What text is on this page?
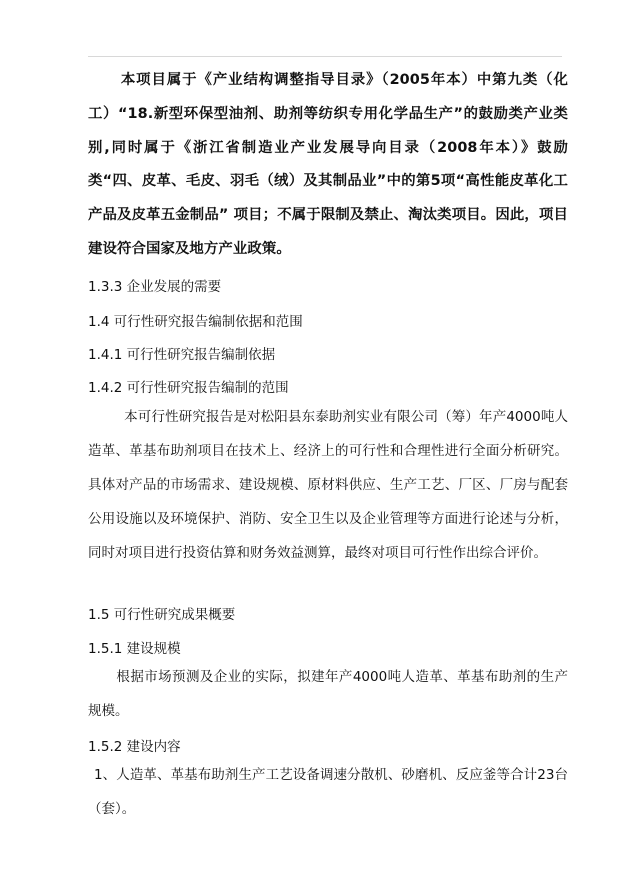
本项目属于《产业结构调整指导目录》（2005年本）中第九类（化工）“18.新型环保型油剂、助剂等纺织专用化学品生产”的鼓励类产业类别,同时属于《浙江省制造业产业发展导向目录（2008年本）》鼓励类“四、皮革、毛皮、羽毛（绒）及其制品业”中的第5项“高性能皮革化工产品及皮革五金制品” 项目；不属于限制及禁止、淘汰类项目。因此，项目建设符合国家及地方产业政策。

1.3.3 企业发展的需要
1.4 可行性研究报告编制依据和范围
1.4.1 可行性研究报告编制依据
1.4.2 可行性研究报告编制的范围

本可行性研究报告是对松阳县东泰助剂实业有限公司（筹）年产4000吨人造革、革基布助剂项目在技术上、经济上的可行性和合理性进行全面分析研究。具体对产品的市场需求、建设规模、原材料供应、生产工艺、厂区、厂房与配套公用设施以及环境保护、消防、安全卫生以及企业管理等方面进行论述与分析，同时对项目进行投资估算和财务效益测算，最终对项目可行性作出综合评价。

1.5 可行性研究成果概要
1.5.1 建设规模

根据市场预测及企业的实际，拟建年产4000吨人造革、革基布助剂的生产规模。

1.5.2 建设内容

1、人造革、革基布助剂生产工艺设备调速分散机、砂磨机、反应釜等合计23台（套）。
